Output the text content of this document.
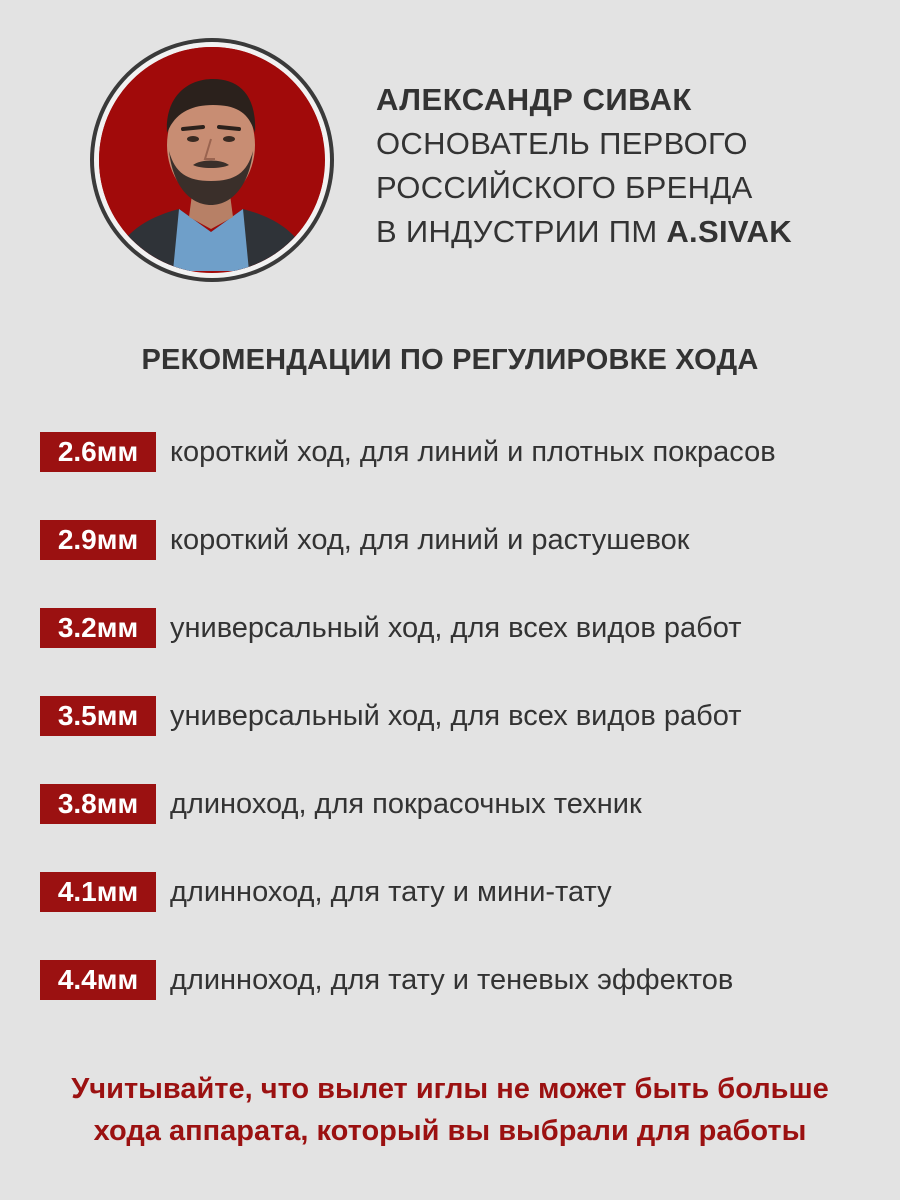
АЛЕКСАНДР СИВАК
ОСНОВАТЕЛЬ ПЕРВОГО
РОССИЙСКОГО БРЕНДА
В ИНДУСТРИИ ПМ A.SIVAK
РЕКОМЕНДАЦИИ ПО РЕГУЛИРОВКЕ ХОДА
2.6мм	короткий ход, для линий и плотных покрасов
2.9мм	короткий ход, для линий и растушевок
3.2мм	универсальный ход, для всех видов работ
3.5мм	универсальный ход, для всех видов работ
3.8мм	длиноход, для покрасочных техник
4.1мм	длинноход, для тату и мини-тату
4.4мм	длинноход, для тату и теневых эффектов
Учитывайте, что вылет иглы не может быть больше
хода аппарата, который вы выбрали для работы
